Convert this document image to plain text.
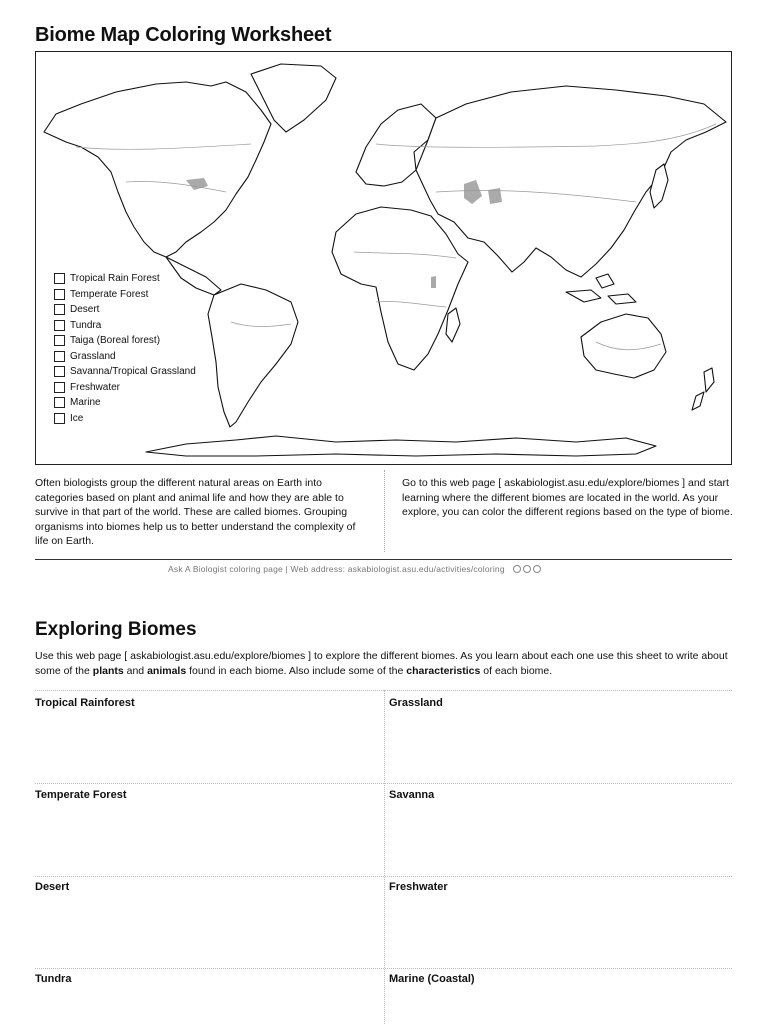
Biome Map Coloring Worksheet
Tropical Rain Forest
Temperate Forest
Desert
Tundra
Taiga (Boreal forest)
Grassland
Savanna/Tropical Grassland
Freshwater
Marine
Ice
Often biologists group the different natural areas on Earth into categories based on plant and animal life and how they are able to survive in that part of the world. These are called biomes. Grouping organisms into biomes help us to better understand the complexity of life on Earth.
Go to this web page [ askabiologist.asu.edu/explore/biomes ] and start learning where the different biomes are located in the world. As your explore, you can color the different regions based on the type of biome.
Ask A Biologist coloring page | Web address: askabiologist.asu.edu/activities/coloring
Exploring Biomes
Use this web page [ askabiologist.asu.edu/explore/biomes ] to explore the different biomes. As you learn about each one use this sheet to write about some of the plants and animals found in each biome. Also include some of the characteristics of each biome.
Tropical Rainforest
Temperate Forest
Desert
Tundra
Grassland
Savanna
Freshwater
Marine (Coastal)
